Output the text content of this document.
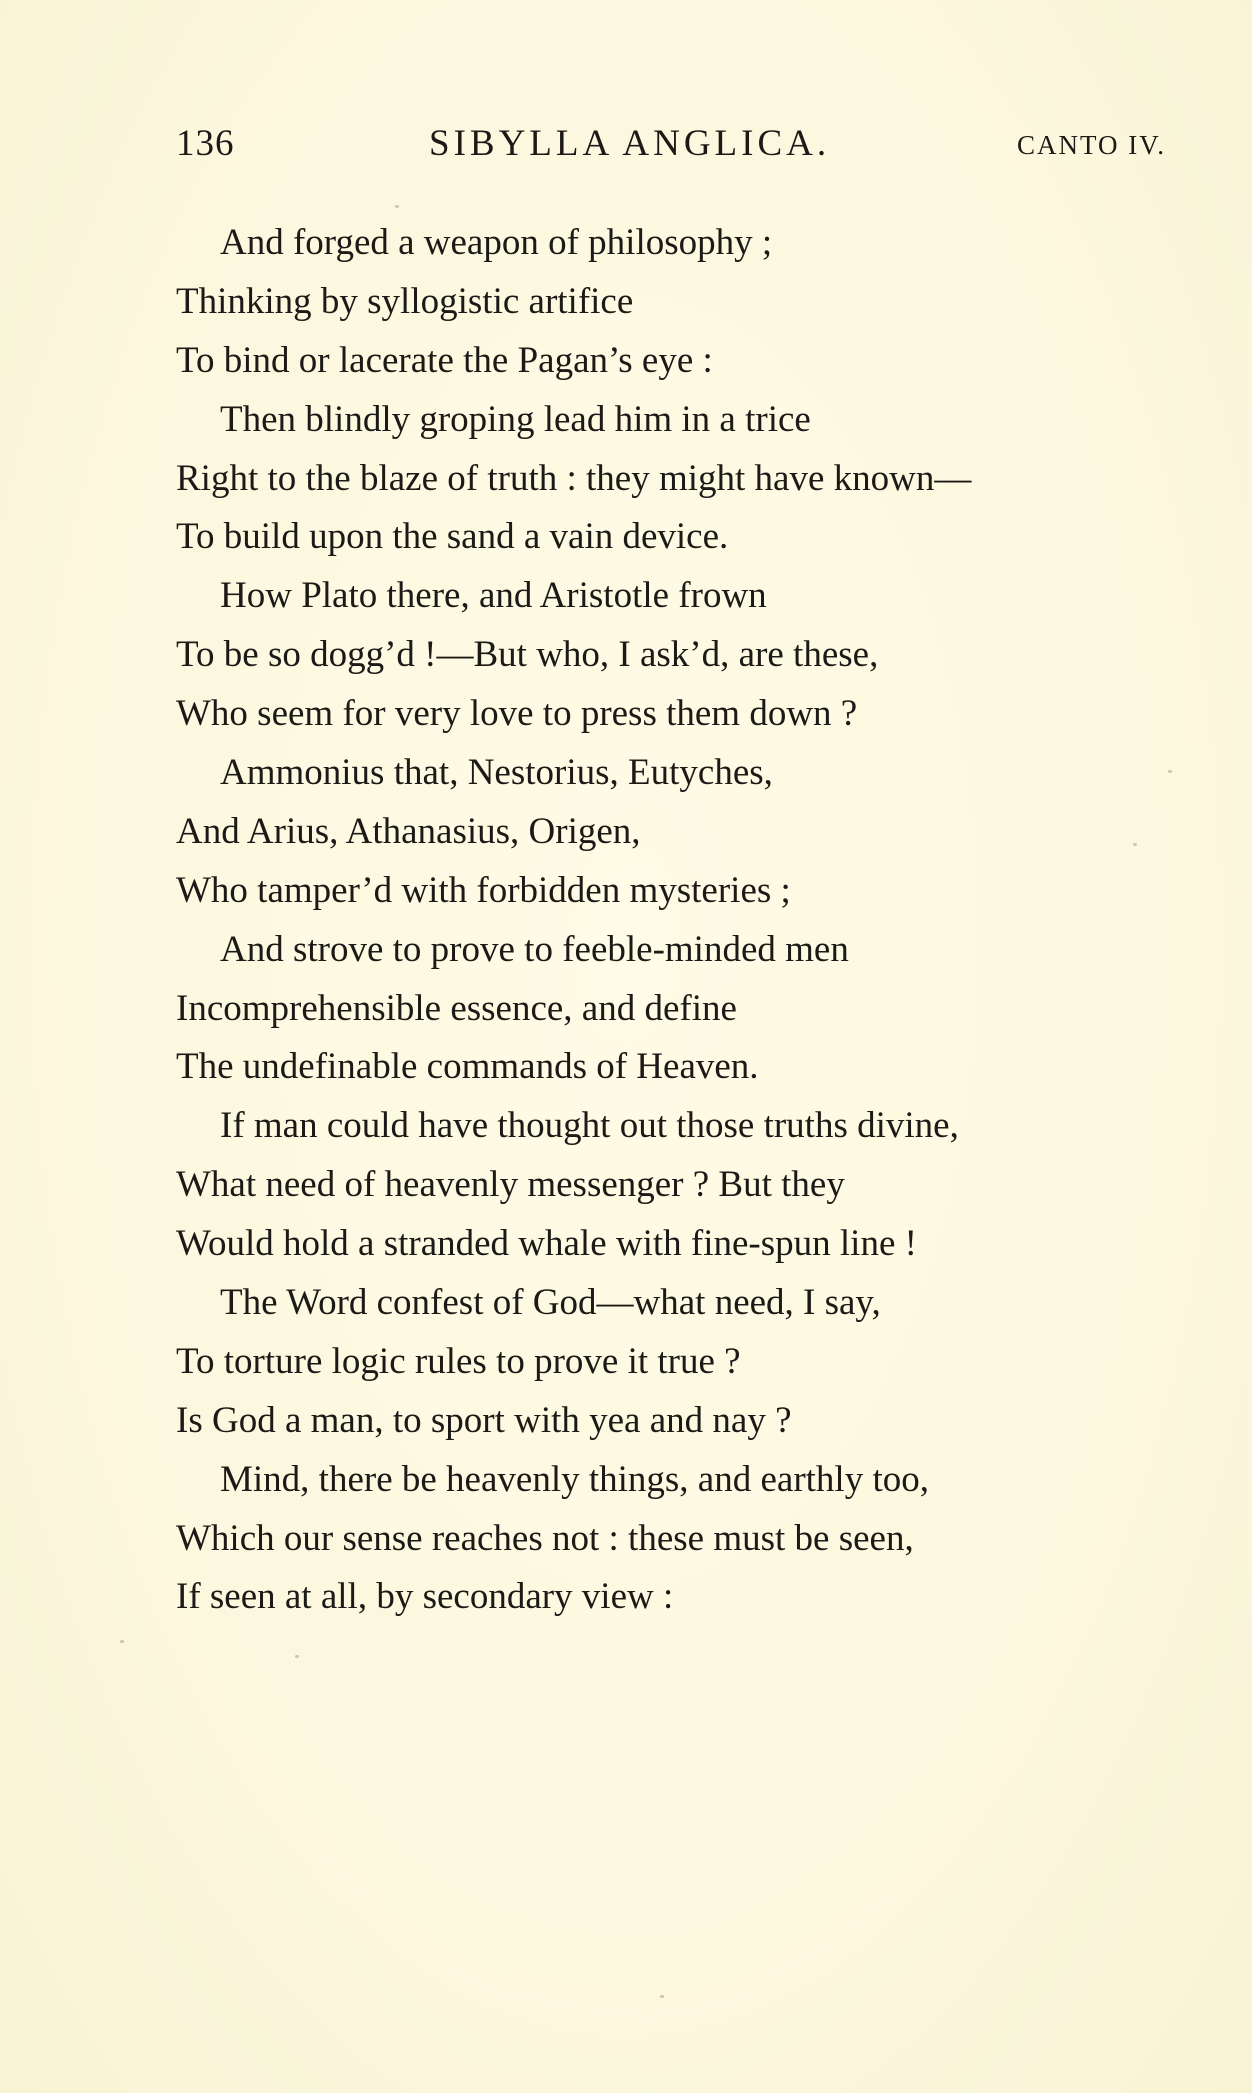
136	SIBYLLA ANGLICA.	CANTO IV.
And forged a weapon of philosophy ;
Thinking by syllogistic artifice
To bind or lacerate the Pagan’s eye :
Then blindly groping lead him in a trice
Right to the blaze of truth : they might have known—
To build upon the sand a vain device.
How Plato there, and Aristotle frown
To be so dogg’d !—But who, I ask’d, are these,
Who seem for very love to press them down ?
Ammonius that, Nestorius, Eutyches,
And Arius, Athanasius, Origen,
Who tamper’d with forbidden mysteries ;
And strove to prove to feeble-minded men
Incomprehensible essence, and define
The undefinable commands of Heaven.
If man could have thought out those truths divine,
What need of heavenly messenger ? But they
Would hold a stranded whale with fine-spun line !
The Word confest of God—what need, I say,
To torture logic rules to prove it true ?
Is God a man, to sport with yea and nay ?
Mind, there be heavenly things, and earthly too,
Which our sense reaches not : these must be seen,
If seen at all, by secondary view :
